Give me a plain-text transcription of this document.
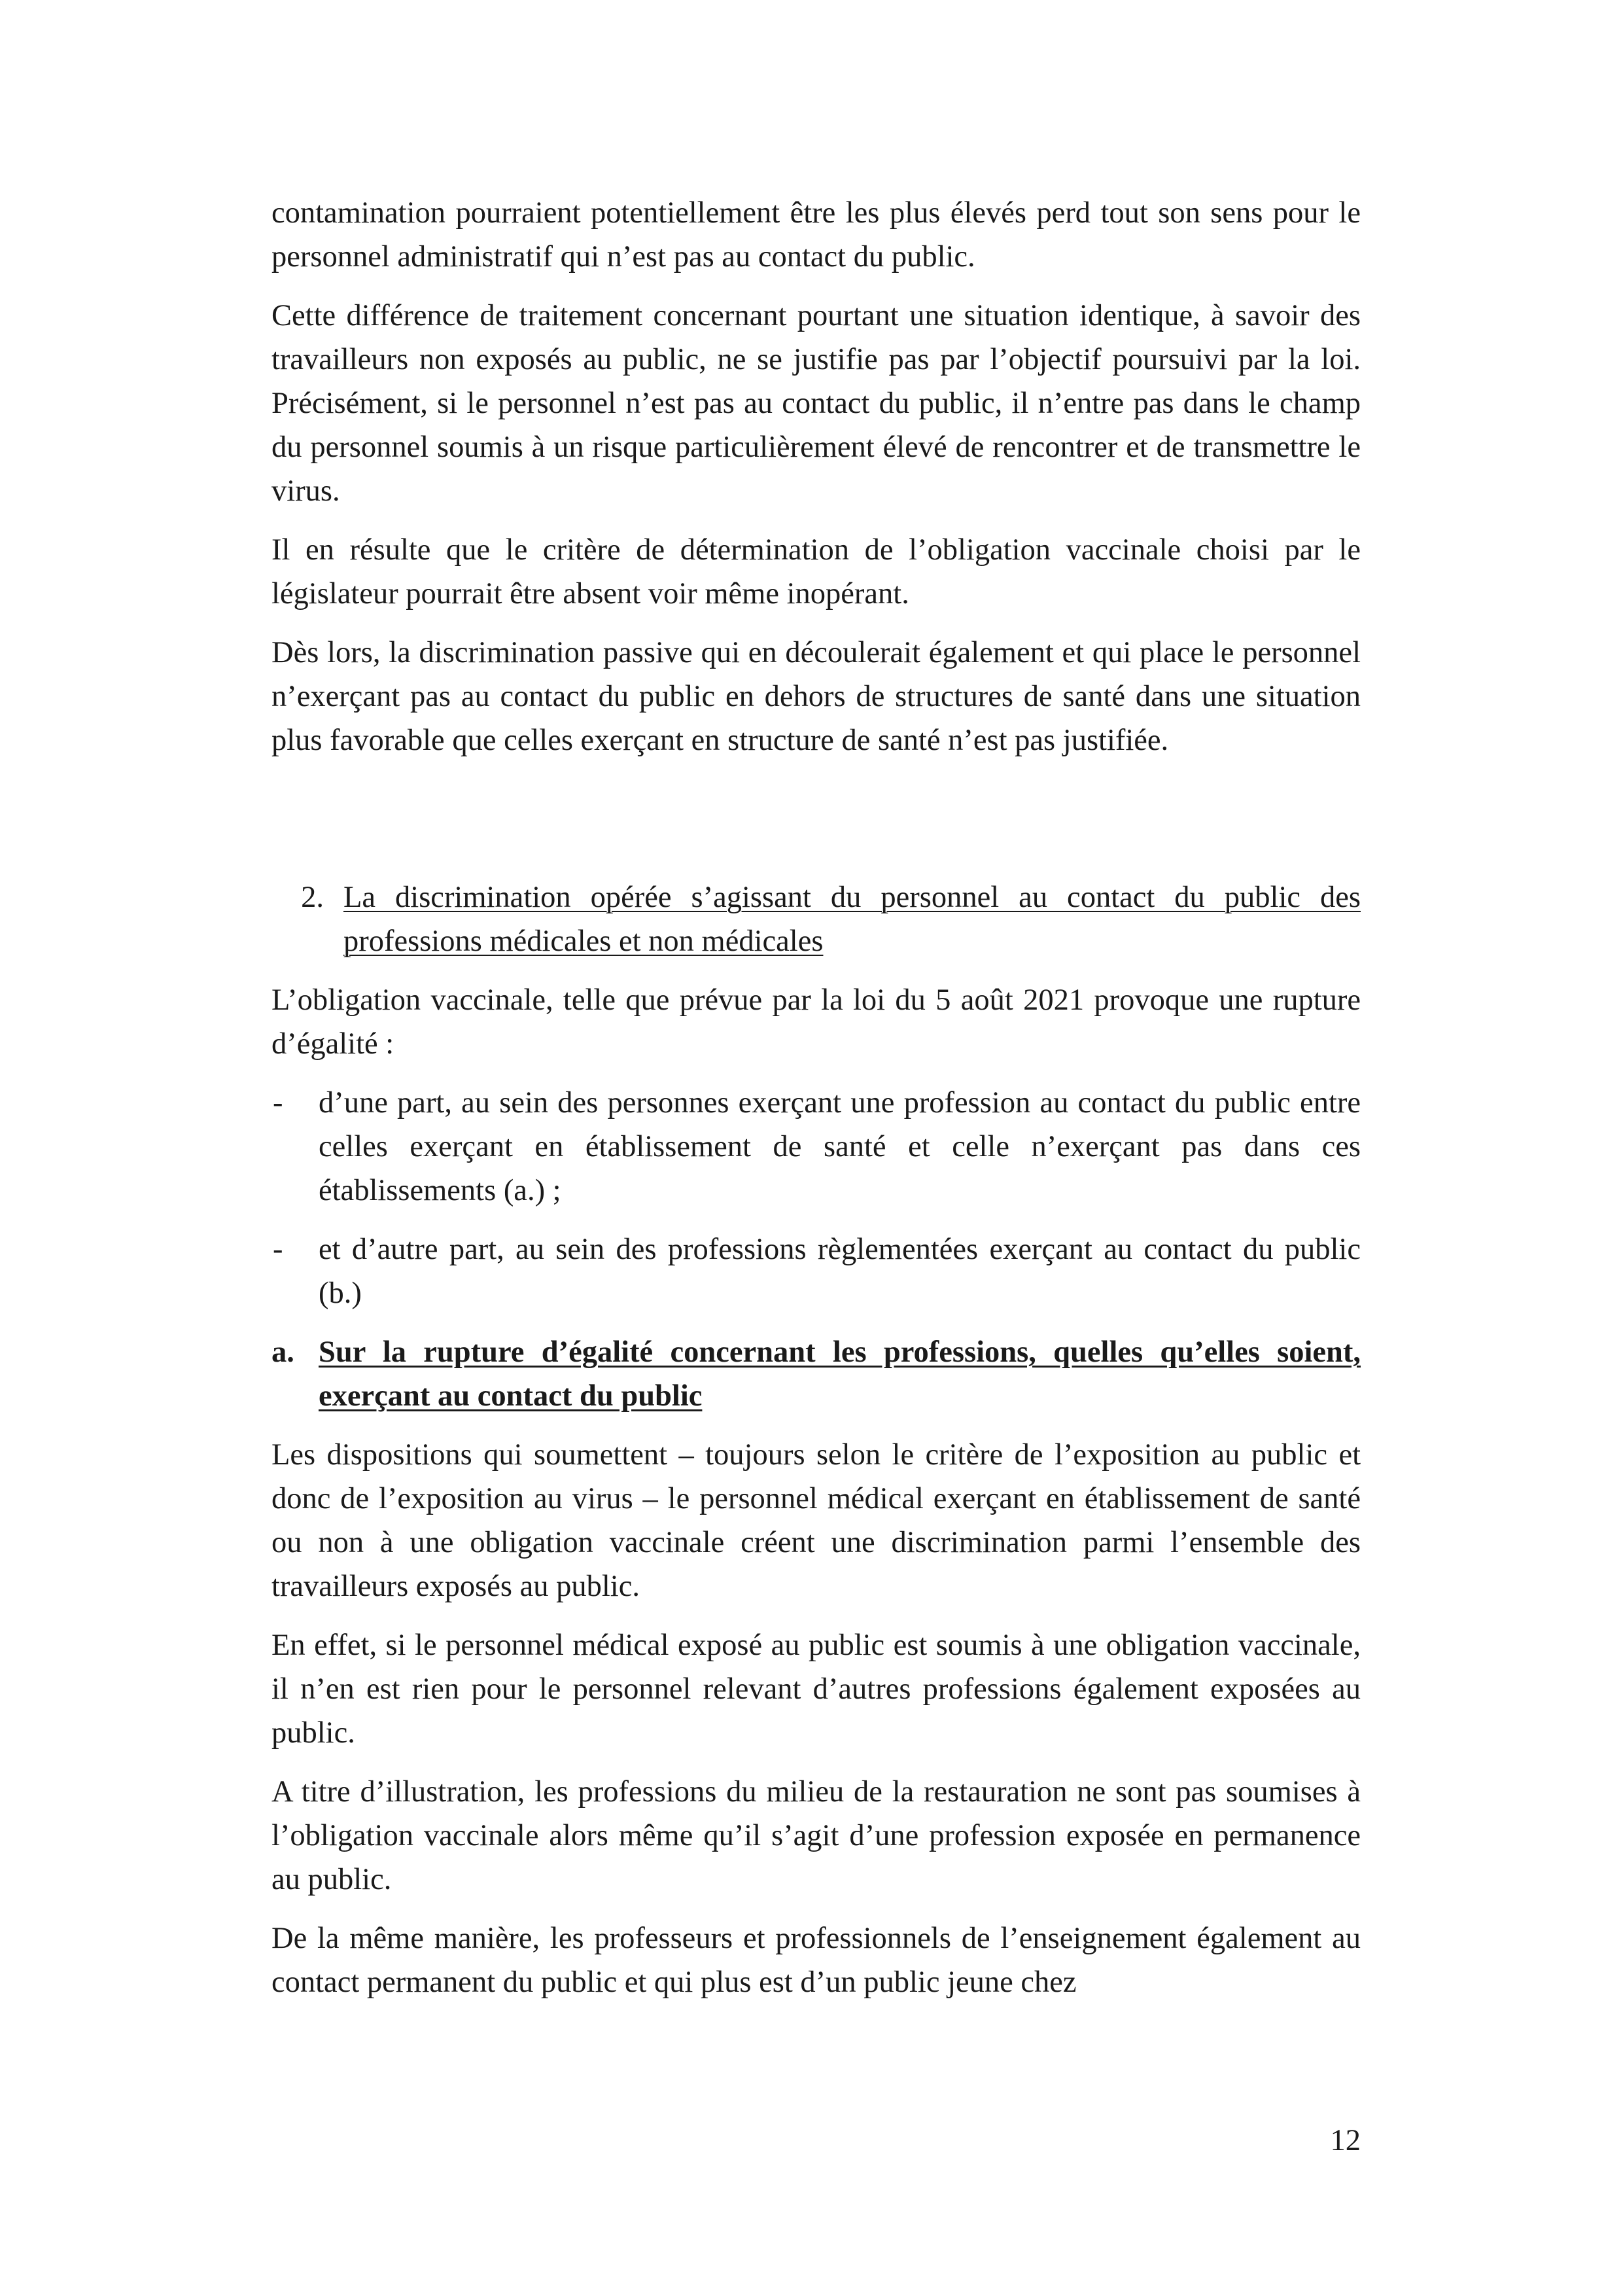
contamination pourraient potentiellement être les plus élevés perd tout son sens pour le personnel administratif qui n’est pas au contact du public.

Cette différence de traitement concernant pourtant une situation identique, à savoir des travailleurs non exposés au public, ne se justifie pas par l’objectif poursuivi par la loi. Précisément, si le personnel n’est pas au contact du public, il n’entre pas dans le champ du personnel soumis à un risque particulièrement élevé de rencontrer et de transmettre le virus.

Il en résulte que le critère de détermination de l’obligation vaccinale choisi par le législateur pourrait être absent voir même inopérant.

Dès lors, la discrimination passive qui en découlerait également et qui place le personnel n’exerçant pas au contact du public en dehors de structures de santé dans une situation plus favorable que celles exerçant en structure de santé n’est pas justifiée.

2. La discrimination opérée s’agissant du personnel au contact du public des professions médicales et non médicales

L’obligation vaccinale, telle que prévue par la loi du 5 août 2021 provoque une rupture d’égalité :

-	d’une part, au sein des personnes exerçant une profession au contact du public entre celles exerçant en établissement de santé et celle n’exerçant pas dans ces établissements (a.) ;
-	et d’autre part, au sein des professions règlementées exerçant au contact du public (b.)
a. Sur la rupture d’égalité concernant les professions, quelles qu’elles soient, exerçant au contact du public

Les dispositions qui soumettent – toujours selon le critère de l’exposition au public et donc de l’exposition au virus – le personnel médical exerçant en établissement de santé ou non à une obligation vaccinale créent une discrimination parmi l’ensemble des travailleurs exposés au public.

En effet, si le personnel médical exposé au public est soumis à une obligation vaccinale, il n’en est rien pour le personnel relevant d’autres professions également exposées au public.

A titre d’illustration, les professions du milieu de la restauration ne sont pas soumises à l’obligation vaccinale alors même qu’il s’agit d’une profession exposée en permanence au public.

De la même manière, les professeurs et professionnels de l’enseignement également au contact permanent du public et qui plus est d’un public jeune chez

12
